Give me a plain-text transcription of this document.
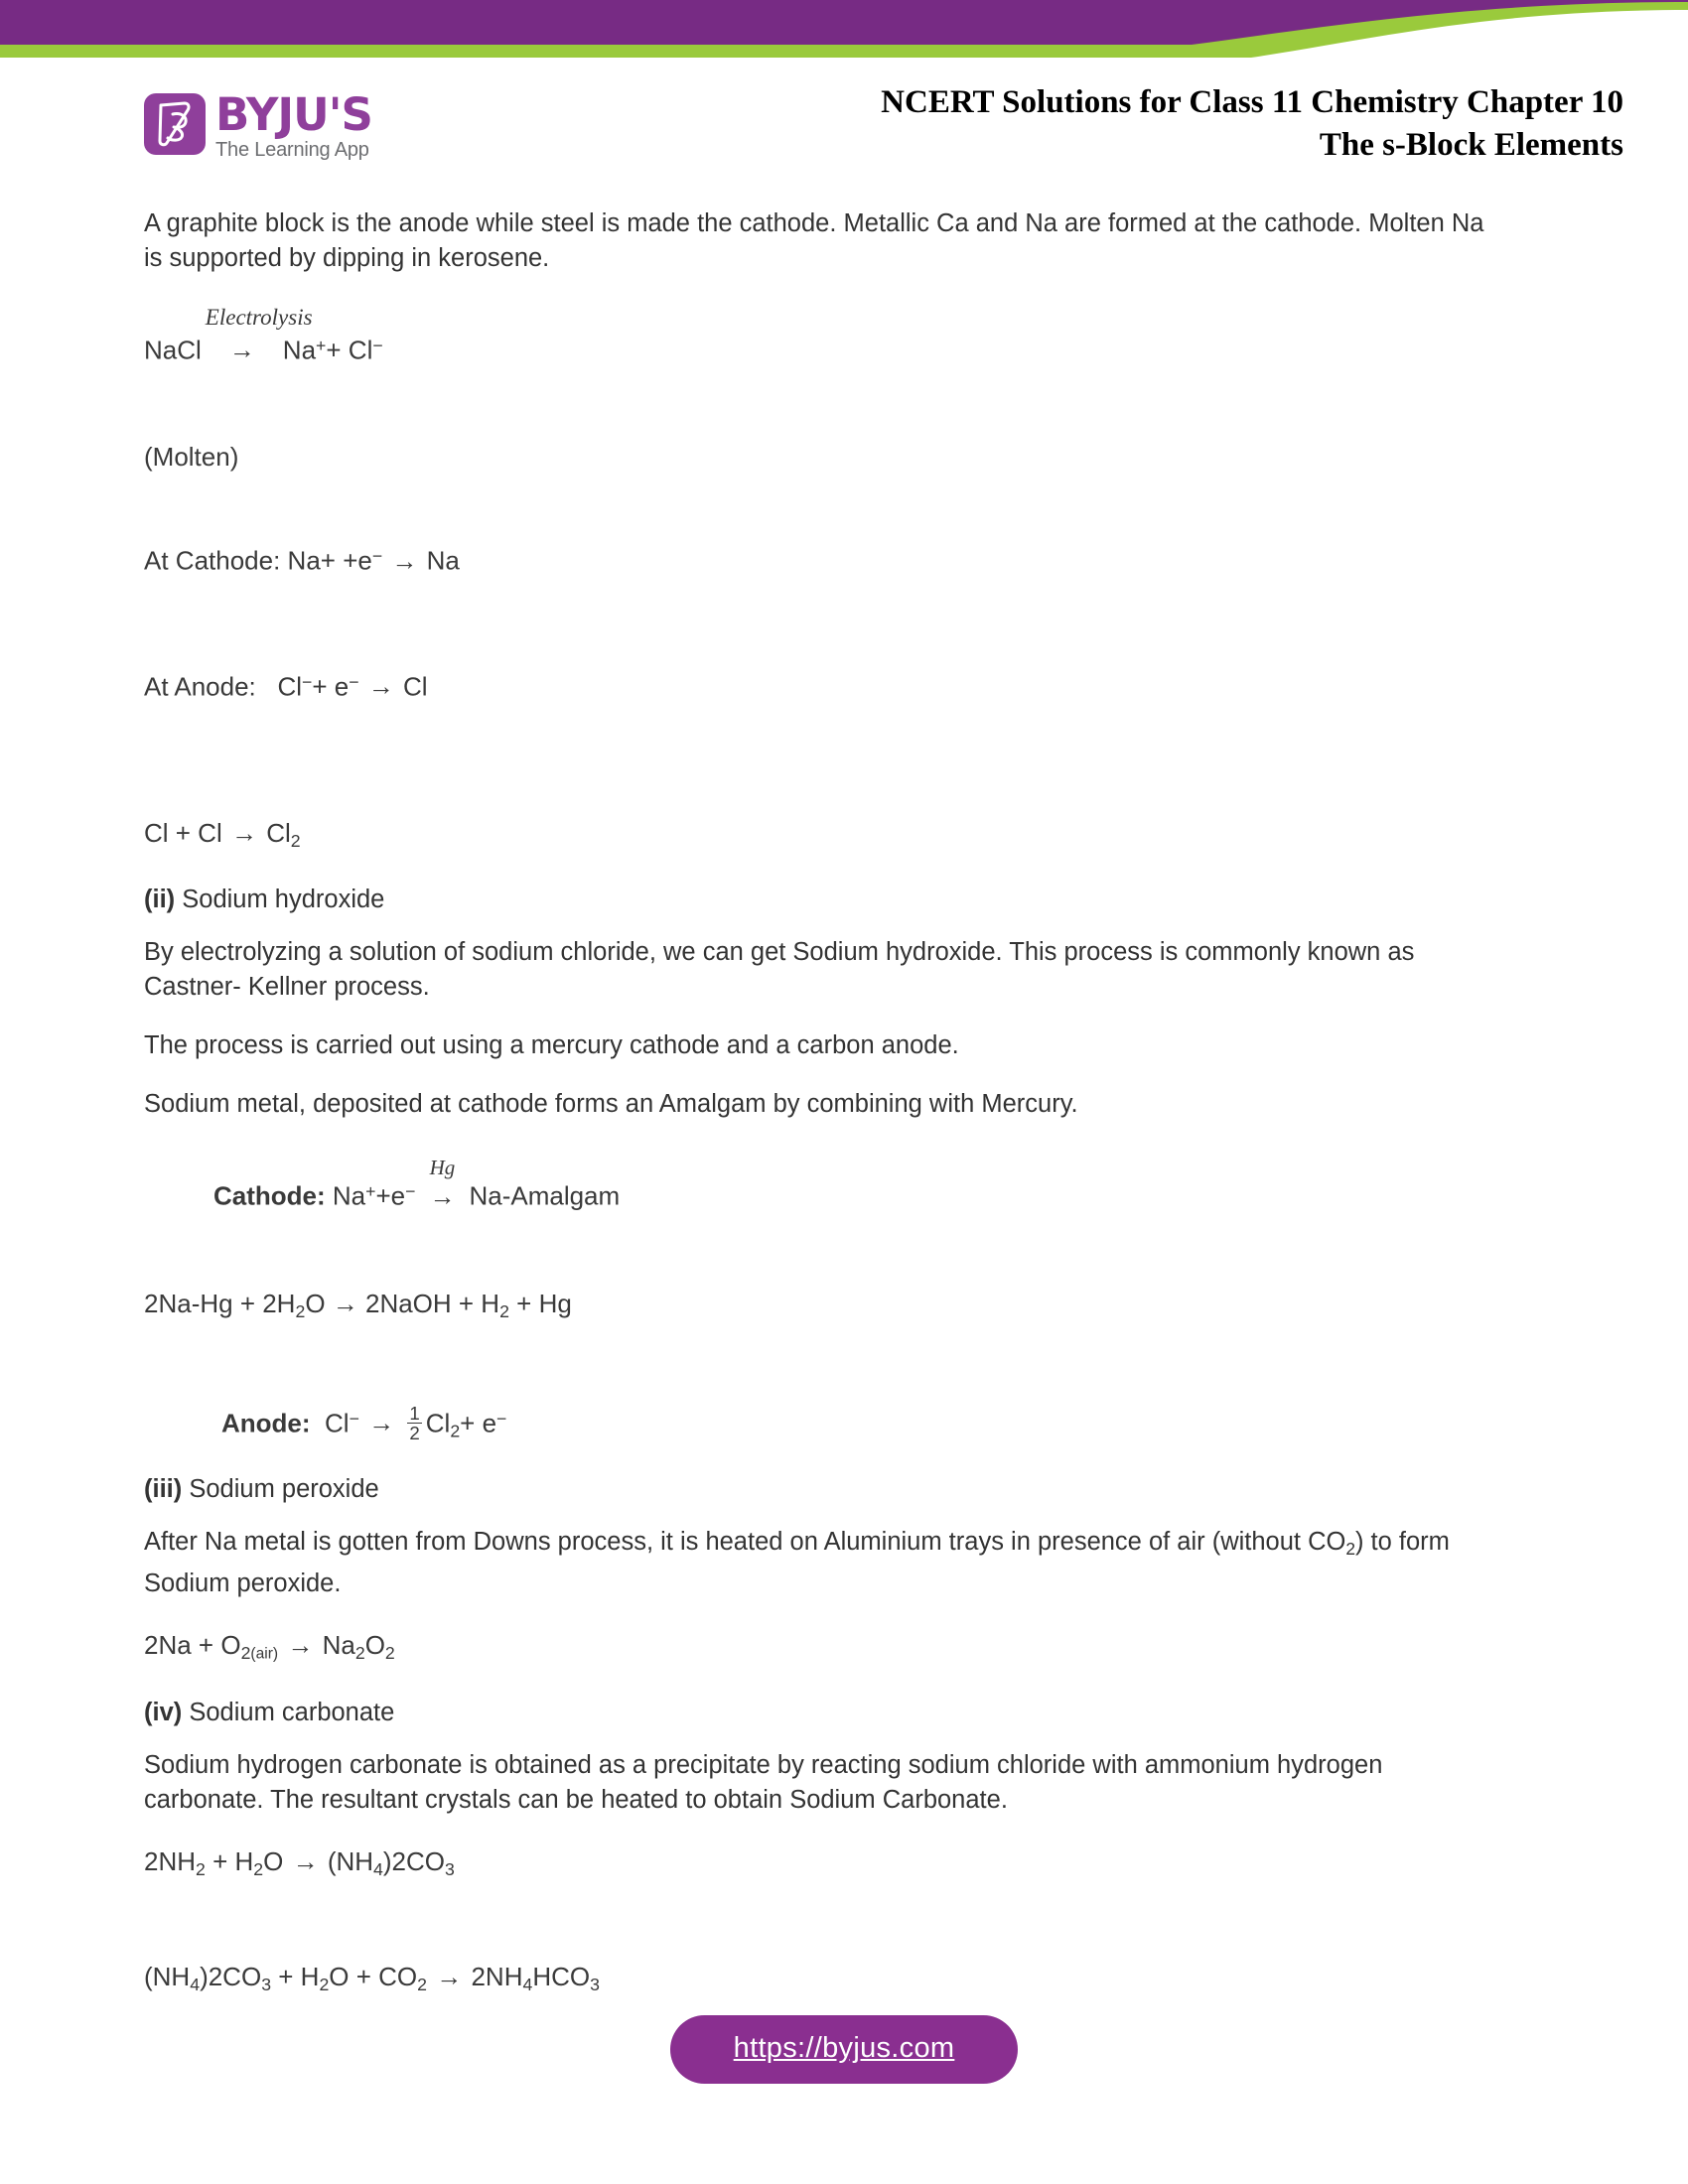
BYJU'S
The Learning App
NCERT Solutions for Class 11 Chemistry Chapter 10
The s-Block Elements

A graphite block is the anode while steel is made the cathode. Metallic Ca and Na are formed at the cathode. Molten Na is supported by dipping in kerosene.

NaCl
Electrolysis
→	Na++ Cl−

(Molten)

At Cathode: Na+ +e− → Na
At Anode: Cl−+ e− → Cl
$Cl + Cl \to Cl_2$

(ii) Sodium hydroxide

By electrolyzing a solution of sodium chloride, we can get Sodium hydroxide. This process is commonly known as Castner- Kellner process.

The process is carried out using a mercury cathode and a carbon anode.

Sodium metal, deposited at cathode forms an Amalgam by combining with Mercury.

Cathode: Na++e−
Hg
→ Na-Amalgam
$2Na-Hg + 2H_2O$ → 2NaOH + $H_2 + Hg$
Anode: $Cl^- \to \frac{1}{2} Cl_2+ e^-$

(iii) Sodium peroxide

After Na metal is gotten from Downs process, it is heated on Aluminium trays in presence of air (without $CO_2$) to form Sodium peroxide.

$2Na + O_2(air) \to Na_2O_2$

(iv) Sodium carbonate

Sodium hydrogen carbonate is obtained as a precipitate by reacting sodium chloride with ammonium hydrogen carbonate. The resultant crystals can be heated to obtain Sodium Carbonate.

$2NH_2 + H_2O \to (NH_4)2CO_3$
$(NH_4)2CO_3 + H_2O + CO_2 \to 2NH_4HCO_3$
https://byjus.com
